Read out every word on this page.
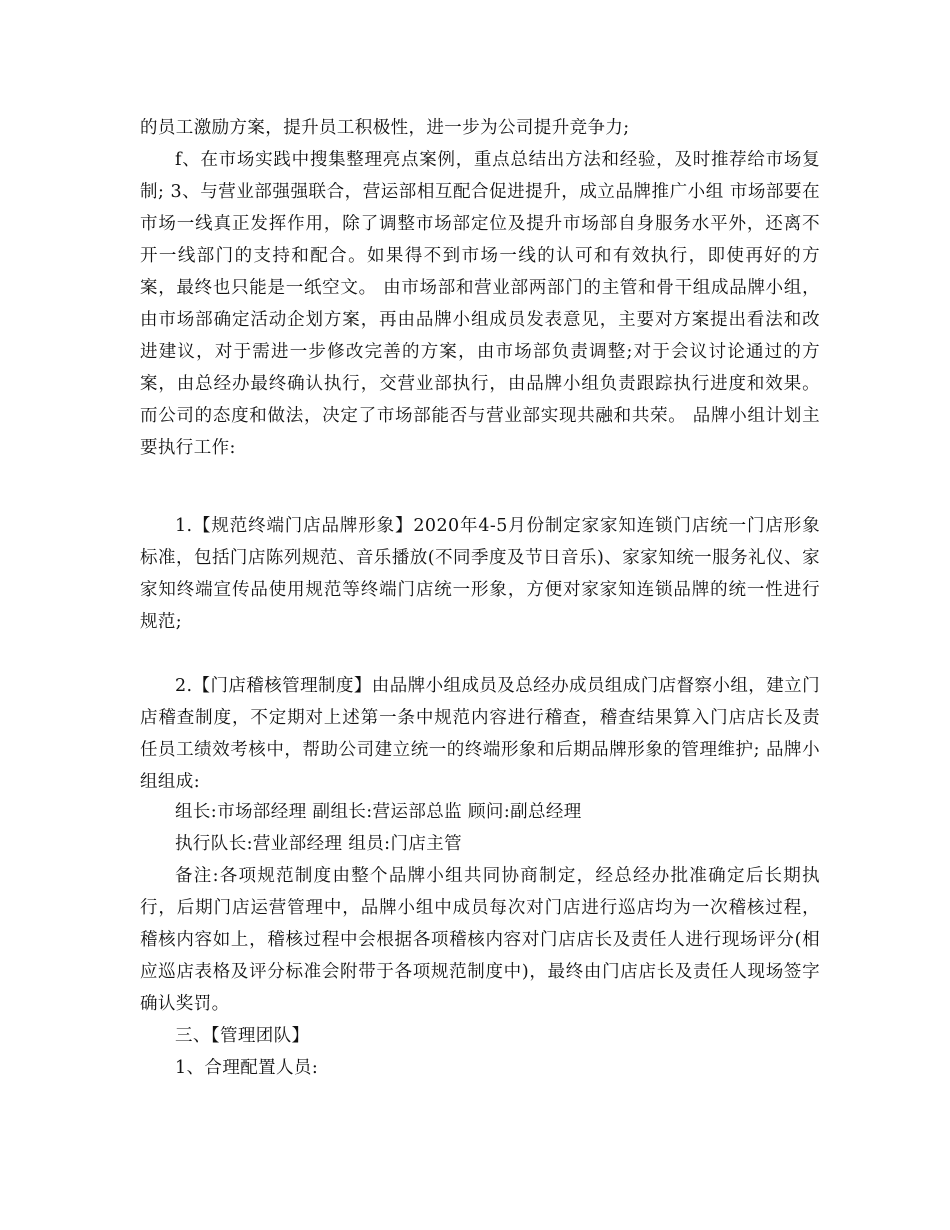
的员工激励方案，提升员工积极性，进一步为公司提升竞争力;
f、在市场实践中搜集整理亮点案例，重点总结出方法和经验，及时推荐给市场复制; 3、与营业部强强联合，营运部相互配合促进提升，成立品牌推广小组 市场部要在市场一线真正发挥作用，除了调整市场部定位及提升市场部自身服务水平外，还离不开一线部门的支持和配合。如果得不到市场一线的认可和有效执行，即使再好的方案，最终也只能是一纸空文。 由市场部和营业部两部门的主管和骨干组成品牌小组，由市场部确定活动企划方案，再由品牌小组成员发表意见，主要对方案提出看法和改进建议，对于需进一步修改完善的方案，由市场部负责调整;对于会议讨论通过的方案，由总经办最终确认执行，交营业部执行，由品牌小组负责跟踪执行进度和效果。而公司的态度和做法，决定了市场部能否与营业部实现共融和共荣。 品牌小组计划主要执行工作:
1.【规范终端门店品牌形象】2020年4-5月份制定家家知连锁门店统一门店形象标准，包括门店陈列规范、音乐播放(不同季度及节日音乐)、家家知统一服务礼仪、家家知终端宣传品使用规范等终端门店统一形象，方便对家家知连锁品牌的统一性进行规范;
2.【门店稽核管理制度】由品牌小组成员及总经办成员组成门店督察小组，建立门店稽查制度，不定期对上述第一条中规范内容进行稽查，稽查结果算入门店店长及责任员工绩效考核中，帮助公司建立统一的终端形象和后期品牌形象的管理维护; 品牌小组组成:
组长:市场部经理 副组长:营运部总监 顾问:副总经理
执行队长:营业部经理 组员:门店主管
备注:各项规范制度由整个品牌小组共同协商制定，经总经办批准确定后长期执行，后期门店运营管理中，品牌小组中成员每次对门店进行巡店均为一次稽核过程，稽核内容如上，稽核过程中会根据各项稽核内容对门店店长及责任人进行现场评分(相应巡店表格及评分标准会附带于各项规范制度中)，最终由门店店长及责任人现场签字确认奖罚。
三、【管理团队】
1、合理配置人员:
